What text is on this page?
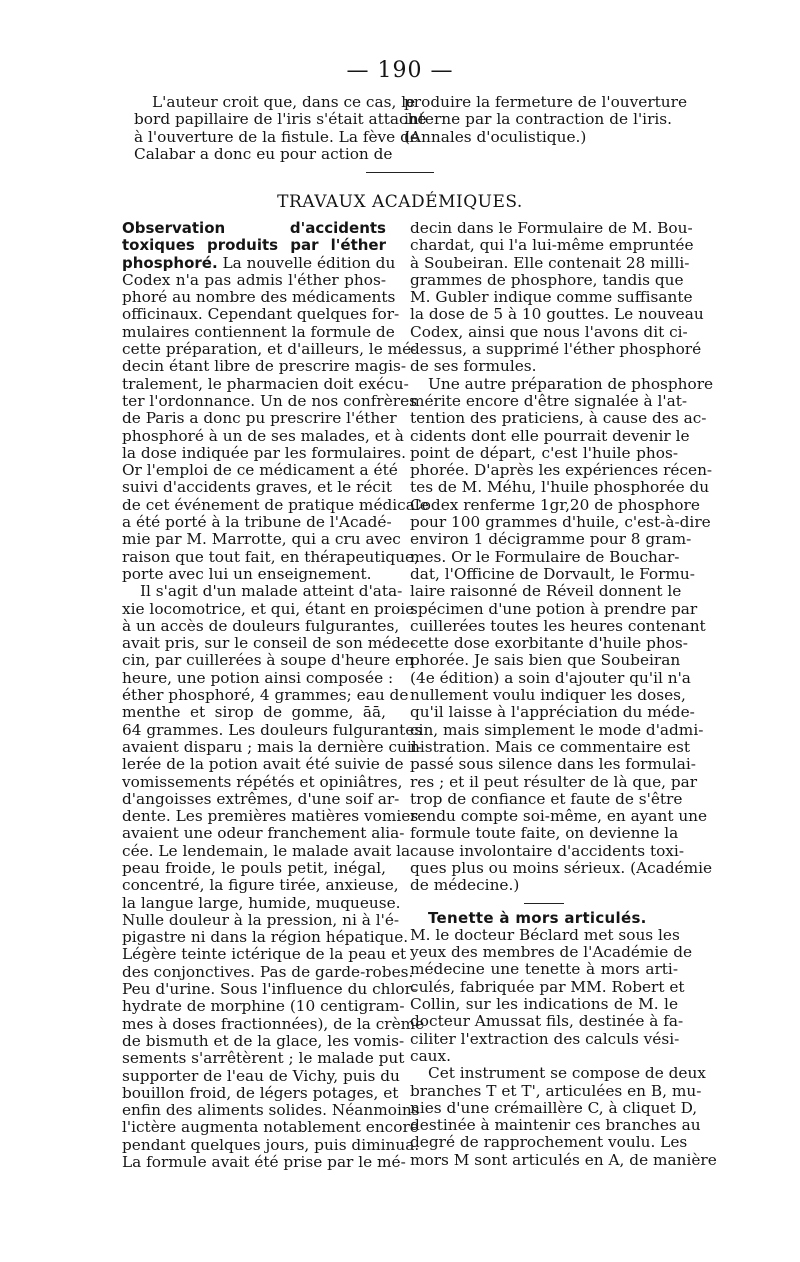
— 190 —
L'auteur croit que, dans ce cas, le
bord papillaire de l'iris s'était attaché
à l'ouverture de la fistule. La fève de
Calabar a donc eu pour action de
produire la fermeture de l'ouverture
interne par la contraction de l'iris.
(Annales d'oculistique.)
TRAVAUX ACADÉMIQUES.
Observation d'accidents
toxiques produits par l'éther
phosphoré. La nouvelle édition du
Codex n'a pas admis l'éther phos-
phoré au nombre des médicaments
officinaux. Cependant quelques for-
mulaires contiennent la formule de
cette préparation, et d'ailleurs, le mé-
decin étant libre de prescrire magis-
tralement, le pharmacien doit exécu-
ter l'ordonnance. Un de nos confrères
de Paris a donc pu prescrire l'éther
phosphoré à un de ses malades, et à
la dose indiquée par les formulaires.
Or l'emploi de ce médicament a été
suivi d'accidents graves, et le récit
de cet événement de pratique médicale
a été porté à la tribune de l'Acadé-
mie par M. Marrotte, qui a cru avec
raison que tout fait, en thérapeutique,
porte avec lui un enseignement.
Il s'agit d'un malade atteint d'ata-
xie locomotrice, et qui, étant en proie
à un accès de douleurs fulgurantes,
avait pris, sur le conseil de son méde-
cin, par cuillerées à soupe d'heure en
heure, une potion ainsi composée :
éther phosphoré, 4 grammes; eau de
menthe et sirop de gomme, āā,
64 grammes. Les douleurs fulgurantes
avaient disparu ; mais la dernière cuil-
lerée de la potion avait été suivie de
vomissements répétés et opiniâtres,
d'angoisses extrêmes, d'une soif ar-
dente. Les premières matières vomies
avaient une odeur franchement aliа-
cée. Le lendemain, le malade avait la
peau froide, le pouls petit, inégal,
concentré, la figure tirée, anxieuse,
la langue large, humide, muqueuse.
Nulle douleur à la pression, ni à l'é-
pigastre ni dans la région hépatique.
Légère teinte ictérique de la peau et
des conjonctives. Pas de garde-robes.
Peu d'urine. Sous l'influence du chlor-
hydrate de morphine (10 centigram-
mes à doses fractionnées), de la crème
de bismuth et de la glace, les vomis-
sements s'arrêtèrent ; le malade put
supporter de l'eau de Vichy, puis du
bouillon froid, de légers potages, et
enfin des aliments solides. Néanmoins
l'ictère augmenta notablement encore
pendant quelques jours, puis diminua.
La formule avait été prise par le mé-
decin dans le Formulaire de M. Bou-
chardat, qui l'a lui-même empruntée
à Soubeiran. Elle contenait 28 milli-
grammes de phosphore, tandis que
M. Gubler indique comme suffisante
la dose de 5 à 10 gouttes. Le nouveau
Codex, ainsi que nous l'avons dit ci-
dessus, a supprimé l'éther phosphoré
de ses formules.
Une autre préparation de phosphore
mérite encore d'être signalée à l'at-
tention des praticiens, à cause des ac-
cidents dont elle pourrait devenir le
point de départ, c'est l'huile phos-
phorée. D'après les expériences récen-
tes de M. Méhu, l'huile phosphorée du
Codex renferme 1gr,20 de phosphore
pour 100 grammes d'huile, c'est-à-dire
environ 1 décigramme pour 8 gram-
mes. Or le Formulaire de Bouchar-
dat, l'Officine de Dorvault, le Formu-
laire raisonné de Réveil donnent le
spécimen d'une potion à prendre par
cuillerées toutes les heures contenant
cette dose exorbitante d'huile phos-
phorée. Je sais bien que Soubeiran
(4e édition) a soin d'ajouter qu'il n'a
nullement voulu indiquer les doses,
qu'il laisse à l'appréciation du méde-
cin, mais simplement le mode d'admi-
nistration. Mais ce commentaire est
passé sous silence dans les formulai-
res ; et il peut résulter de là que, par
trop de confiance et faute de s'être
rendu compte soi-même, en ayant une
formule toute faite, on devienne la
cause involontaire d'accidents toxi-
ques plus ou moins sérieux. (Académie
de médecine.)
Tenette à mors articulés.
M. le docteur Béclard met sous les
yeux des membres de l'Académie de
médecine une tenette à mors arti-
culés, fabriquée par MM. Robert et
Collin, sur les indications de M. le
docteur Amussat fils, destinée à fa-
ciliter l'extraction des calculs vési-
caux.
Cet instrument se compose de deux
branches T et T', articulées en B, mu-
nies d'une crémaillère C, à cliquet D,
destinée à maintenir ces branches au
degré de rapprochement voulu. Les
mors M sont articulés en A, de manière
